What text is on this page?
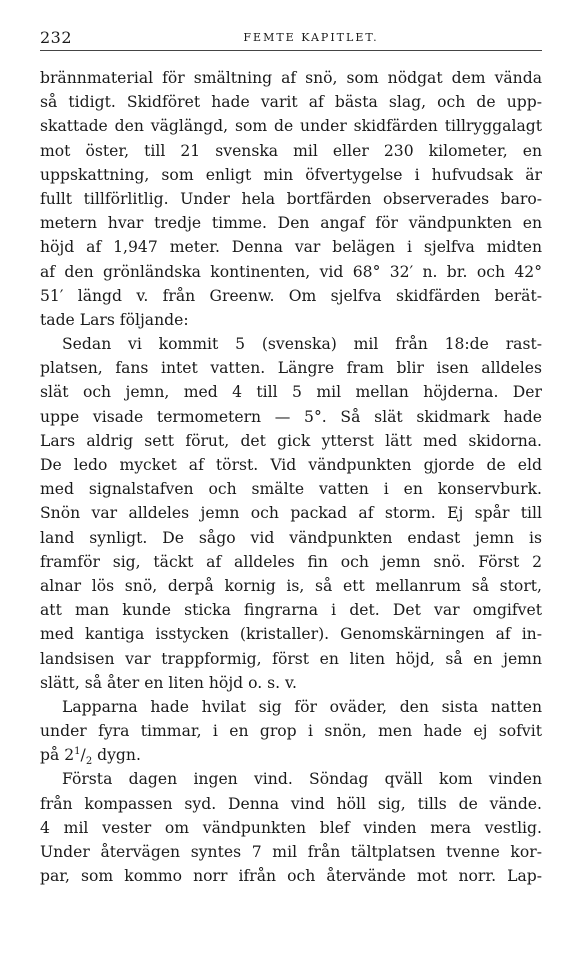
232	FEMTE KAPITLET.
brännmaterial för smältning af snö, som nödgat dem vända
så tidigt. Skidföret hade varit af bästa slag, och de upp-
skattade den väglängd, som de under skidfärden tillryggalagt
mot öster, till 21 svenska mil eller 230 kilometer, en
uppskattning, som enligt min öfvertygelse i hufvudsak är
fullt tillförlitlig. Under hela bortfärden observerades baro-
metern hvar tredje timme. Den angaf för vändpunkten en
höjd af 1,947 meter. Denna var belägen i sjelfva midten
af den grönländska kontinenten, vid 68° 32′ n. br. och 42°
51′ längd v. från Greenw. Om sjelfva skidfärden berät-
tade Lars följande:
Sedan vi kommit 5 (svenska) mil från 18:de rast-
platsen, fans intet vatten. Längre fram blir isen alldeles
slät och jemn, med 4 till 5 mil mellan höjderna. Der
uppe visade termometern — 5°. Så slät skidmark hade
Lars aldrig sett förut, det gick ytterst lätt med skidorna.
De ledo mycket af törst. Vid vändpunkten gjorde de eld
med signalstafven och smälte vatten i en konservburk.
Snön var alldeles jemn och packad af storm. Ej spår till
land synligt. De sågo vid vändpunkten endast jemn is
framför sig, täckt af alldeles fin och jemn snö. Först 2
alnar lös snö, derpå kornig is, så ett mellanrum så stort,
att man kunde sticka fingrarna i det. Det var omgifvet
med kantiga isstycken (kristaller). Genomskärningen af in-
landsisen var trappformig, först en liten höjd, så en jemn
slätt, så åter en liten höjd o. s. v.
Lapparna hade hvilat sig för oväder, den sista natten
under fyra timmar, i en grop i snön, men hade ej sofvit
på $2^1/_2$ dygn.
Första dagen ingen vind. Söndag qväll kom vinden
från kompassen syd. Denna vind höll sig, tills de vände.
4 mil vester om vändpunkten blef vinden mera vestlig.
Under återvägen syntes 7 mil från tältplatsen tvenne kor-
par, som kommo norr ifrån och återvände mot norr. Lap-
